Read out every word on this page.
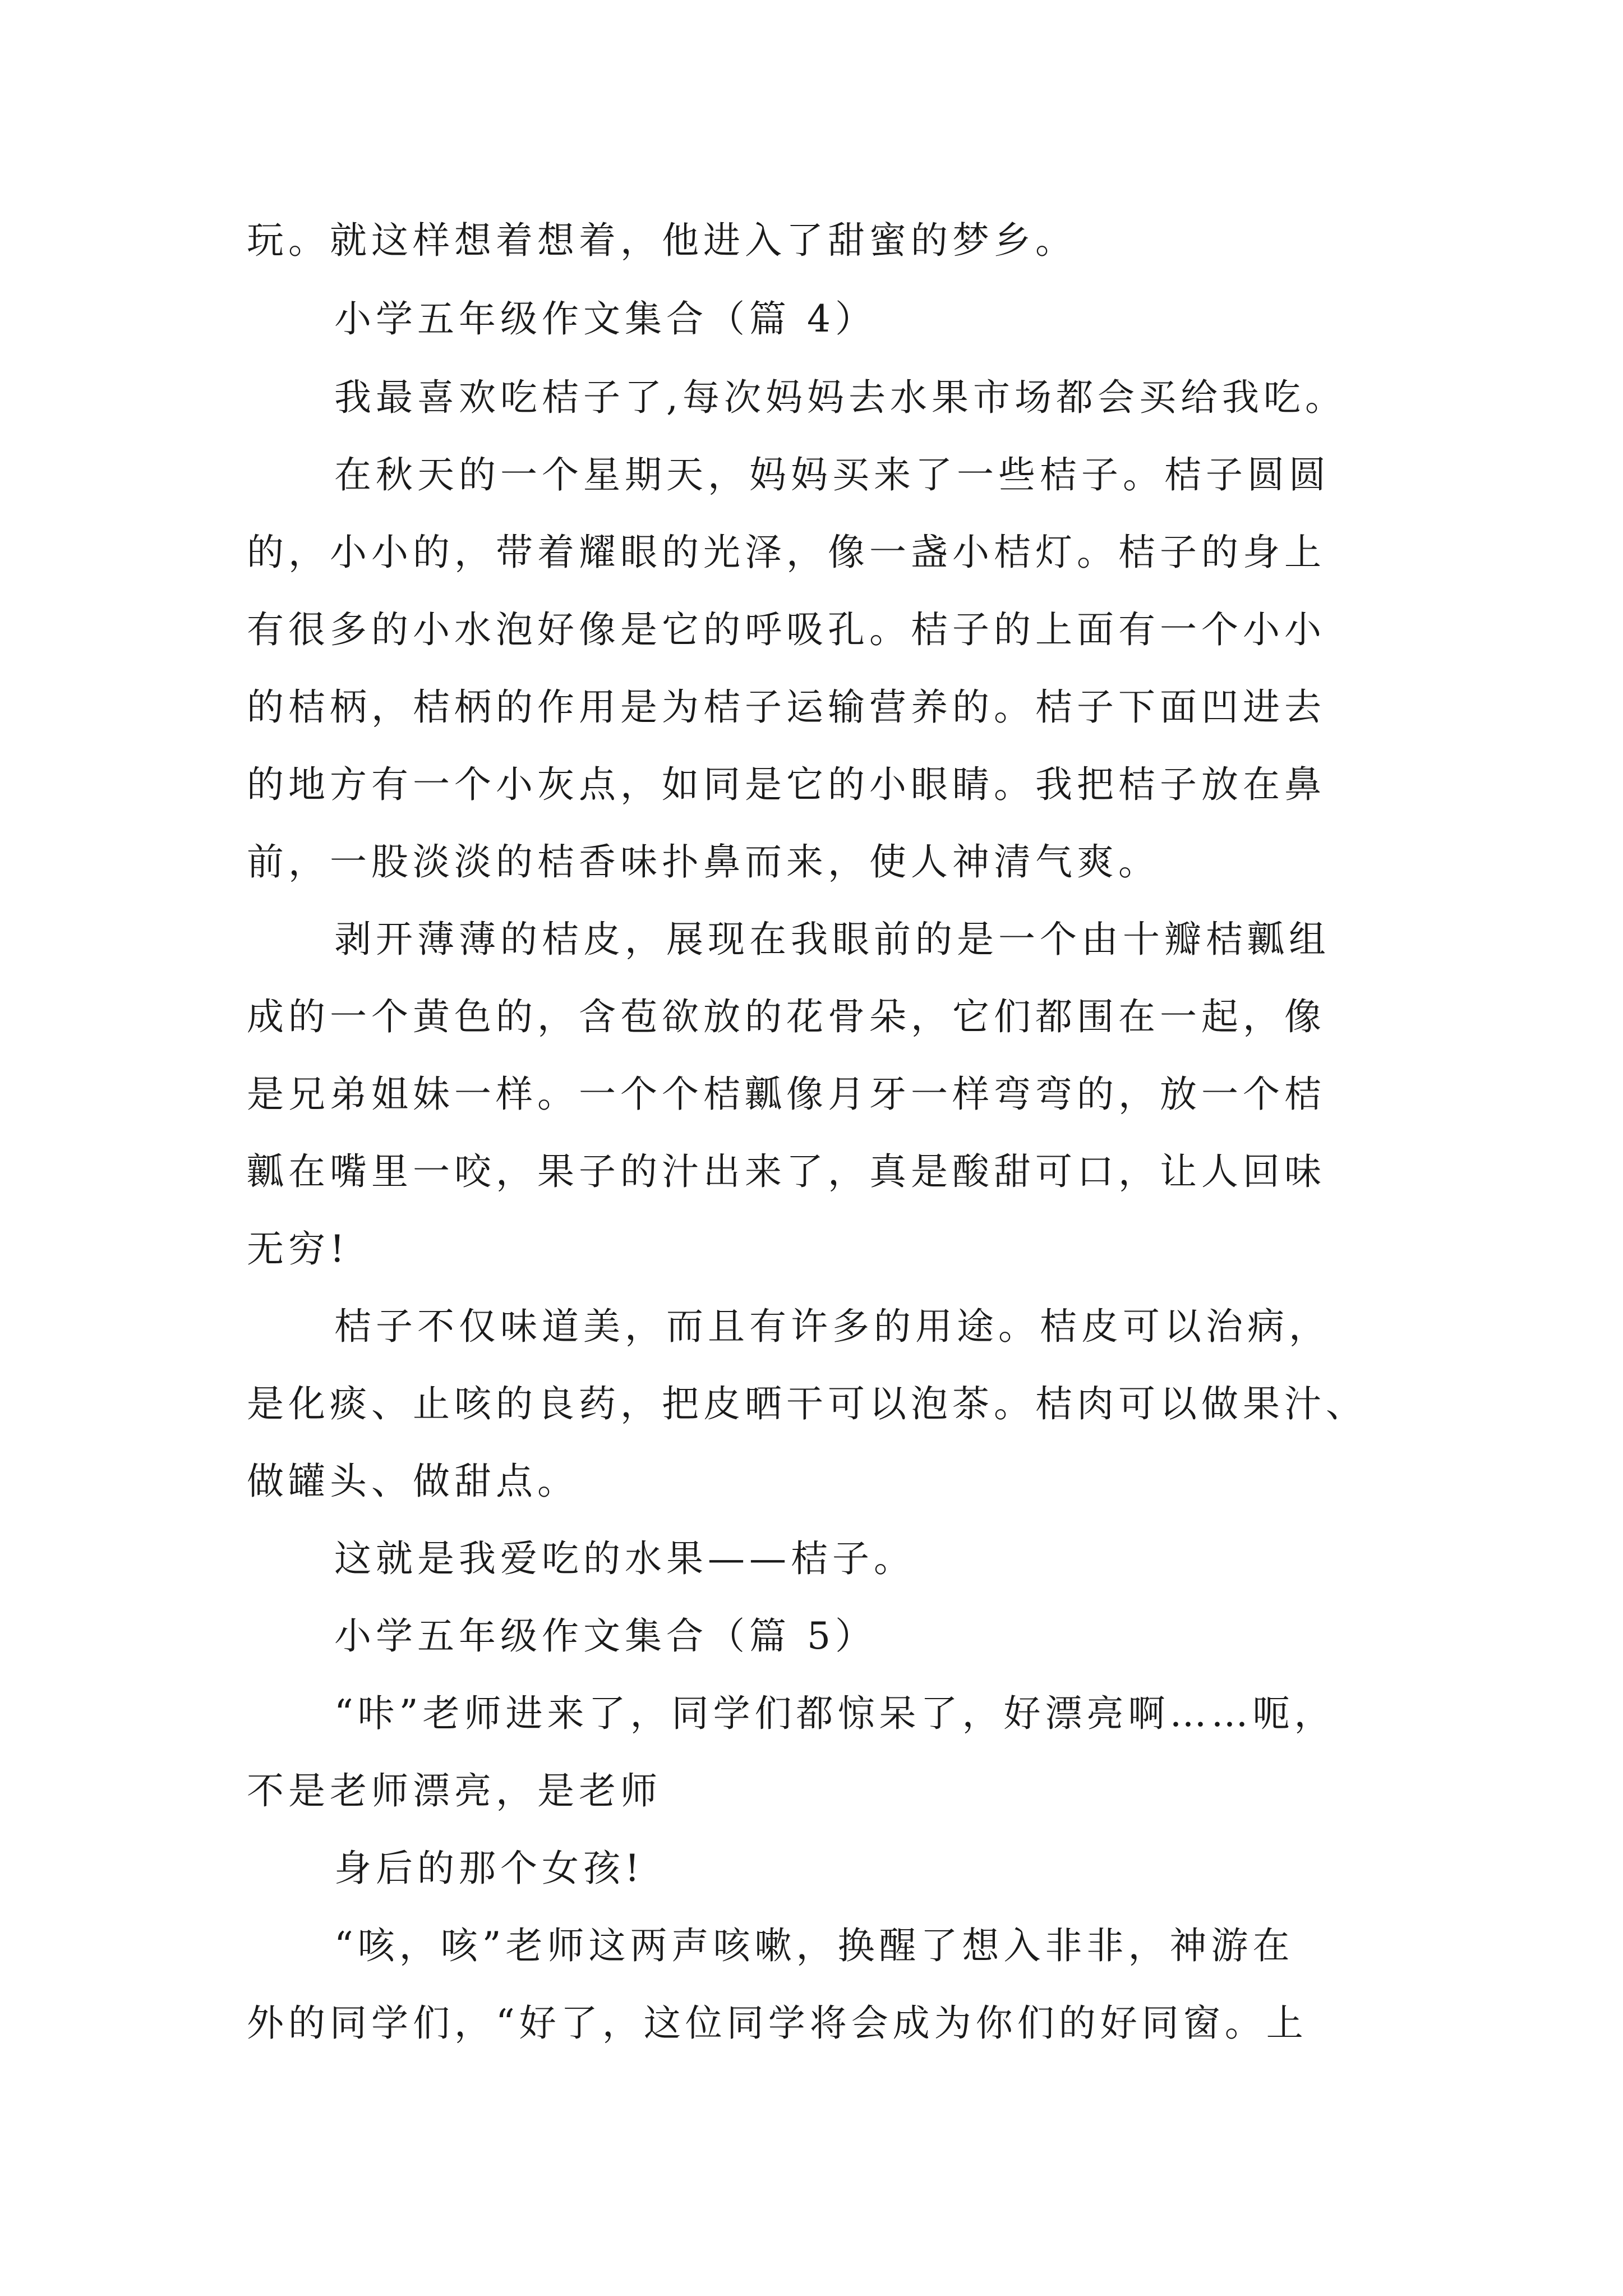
玩。就这样想着想着，他进入了甜蜜的梦乡。
小学五年级作文集合（篇 4）
我最喜欢吃桔子了,每次妈妈去水果市场都会买给我吃。
在秋天的一个星期天，妈妈买来了一些桔子。桔子圆圆
的，小小的，带着耀眼的光泽，像一盏小桔灯。桔子的身上
有很多的小水泡好像是它的呼吸孔。桔子的上面有一个小小
的桔柄，桔柄的作用是为桔子运输营养的。桔子下面凹进去
的地方有一个小灰点，如同是它的小眼睛。我把桔子放在鼻
前，一股淡淡的桔香味扑鼻而来，使人神清气爽。
剥开薄薄的桔皮，展现在我眼前的是一个由十瓣桔瓤组
成的一个黄色的，含苞欲放的花骨朵，它们都围在一起，像
是兄弟姐妹一样。一个个桔瓤像月牙一样弯弯的，放一个桔
瓤在嘴里一咬，果子的汁出来了，真是酸甜可口，让人回味
无穷!
桔子不仅味道美，而且有许多的用途。桔皮可以治病，
是化痰、止咳的良药，把皮晒干可以泡茶。桔肉可以做果汁、
做罐头、做甜点。
这就是我爱吃的水果——桔子。
小学五年级作文集合（篇 5）
“咔”老师进来了，同学们都惊呆了，好漂亮啊……呃，
不是老师漂亮，是老师
身后的那个女孩!
“咳，咳”老师这两声咳嗽，换醒了想入非非，神游在
外的同学们，“好了，这位同学将会成为你们的好同窗。上
